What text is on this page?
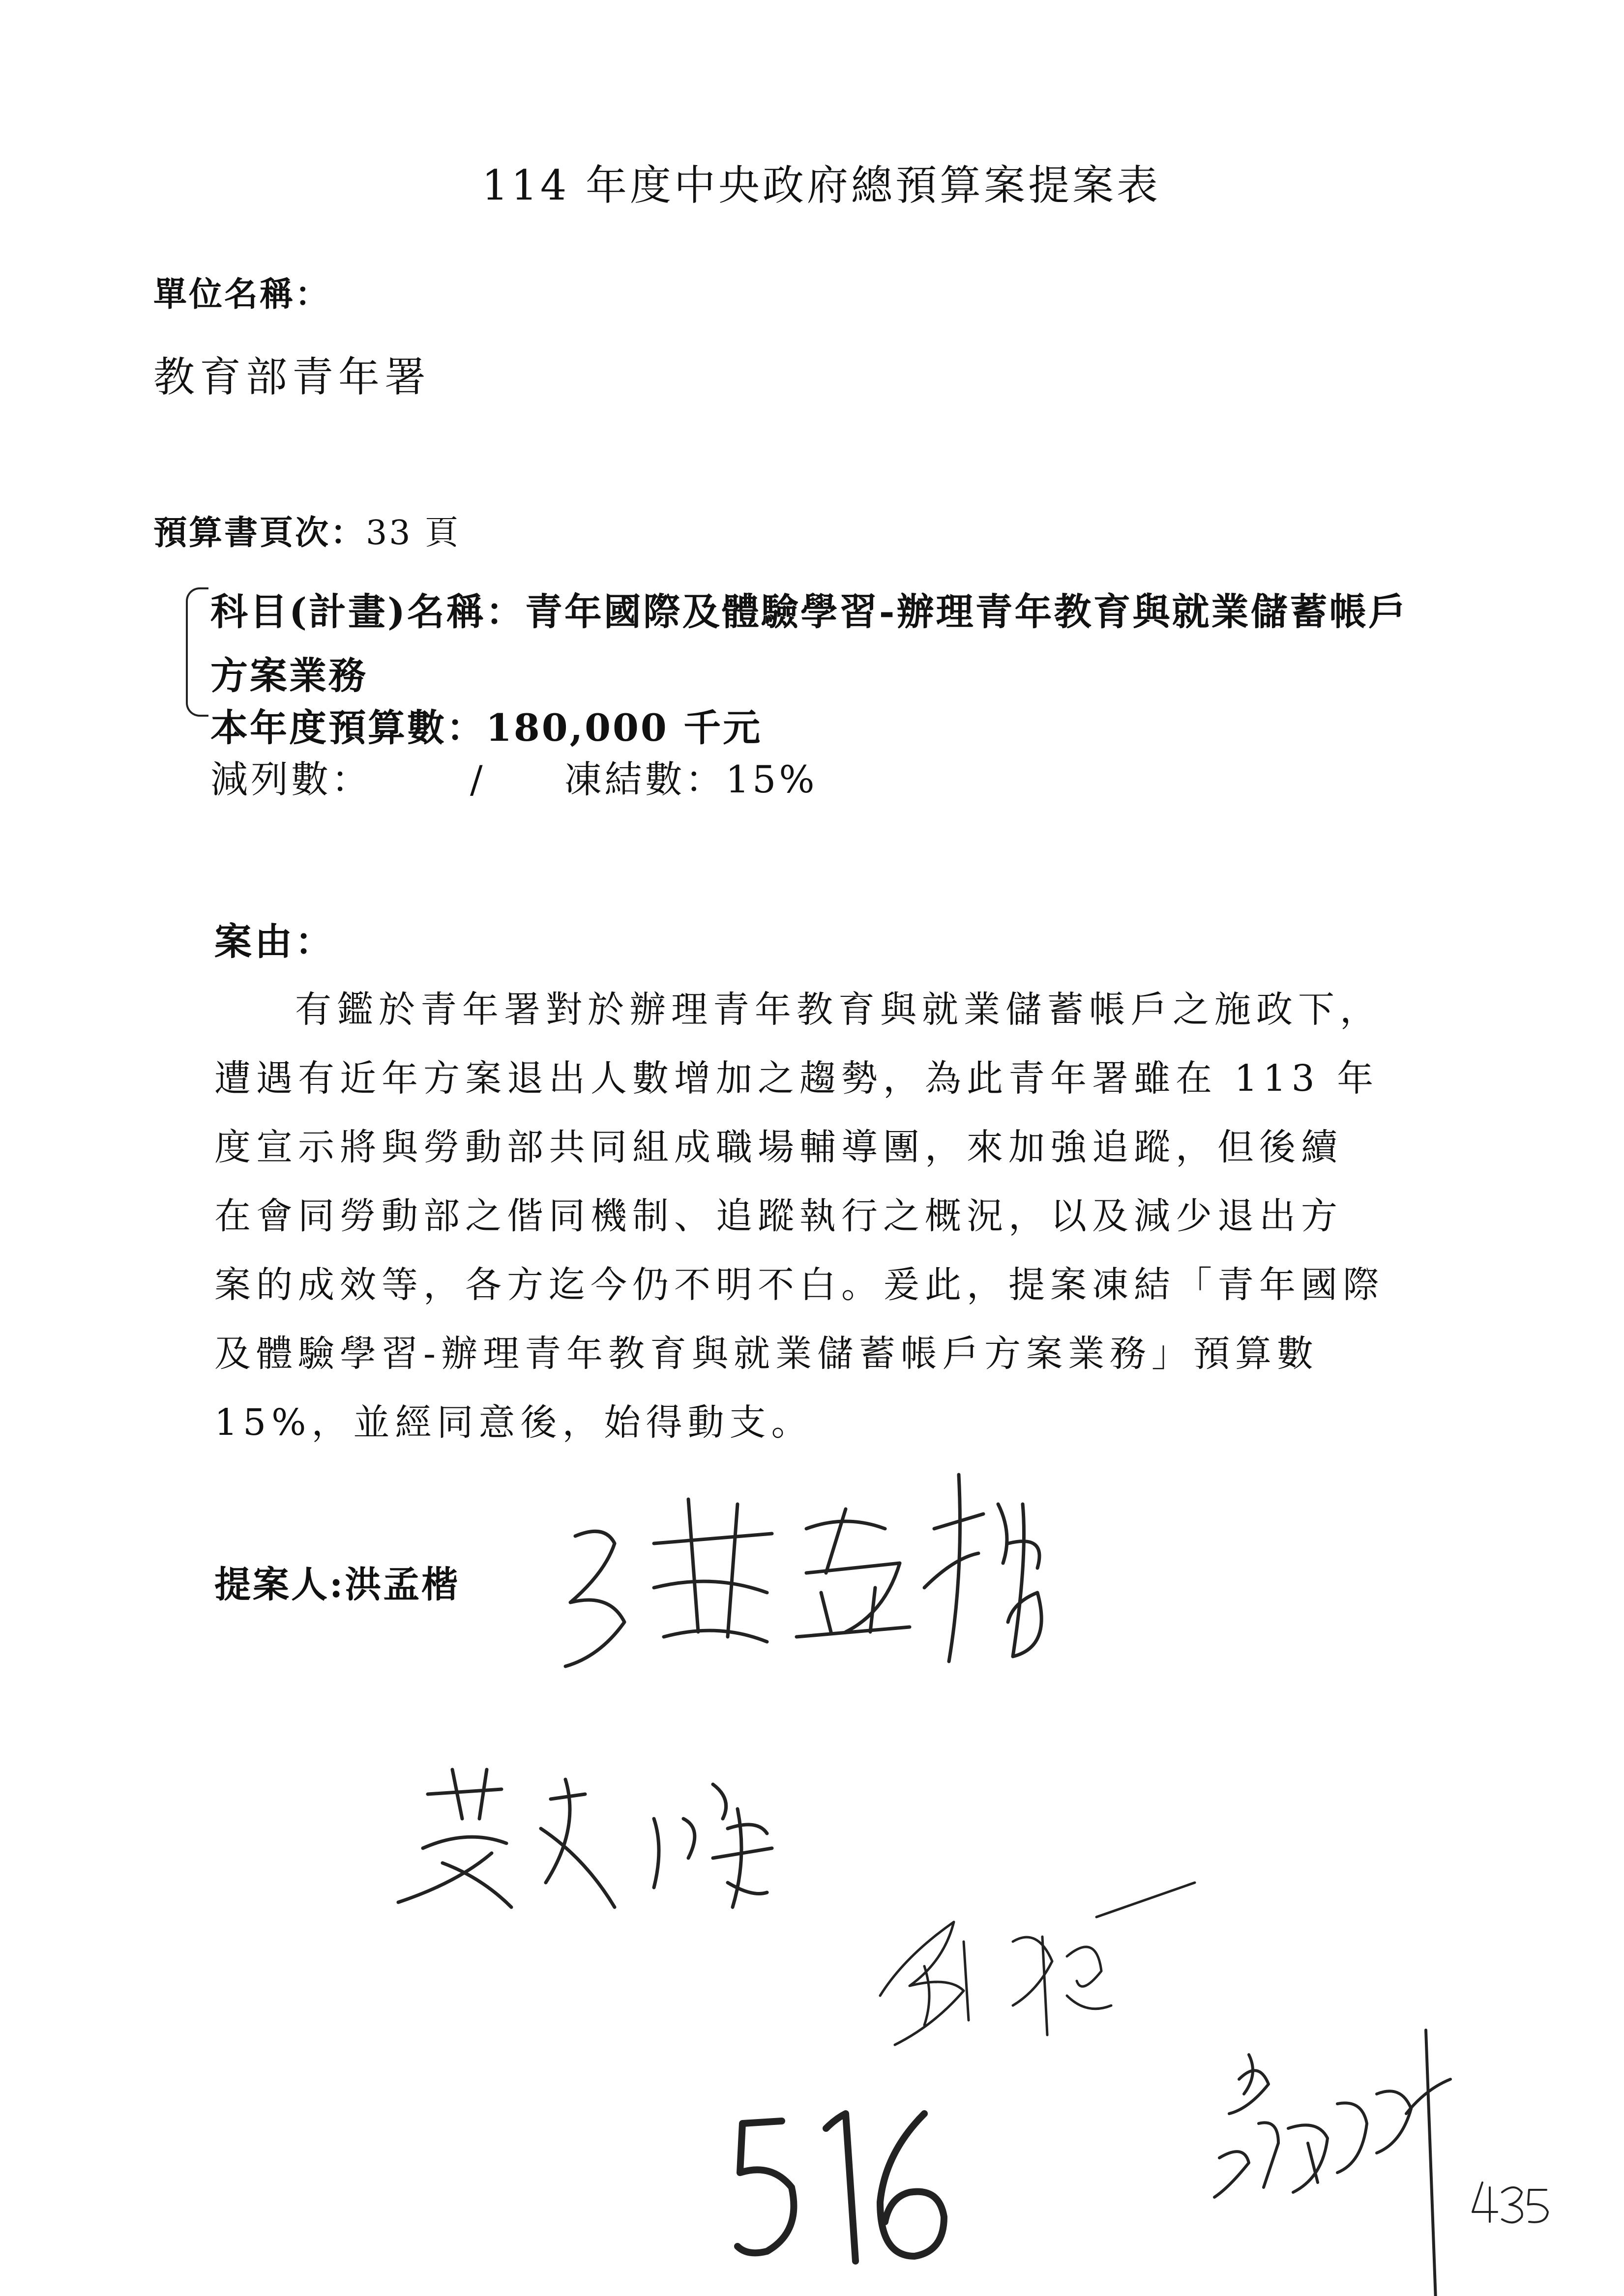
114 年度中央政府總預算案提案表
單位名稱：
教育部青年署
預算書頁次：33 頁
科目(計畫)名稱：青年國際及體驗學習-辦理青年教育與就業儲蓄帳戶
方案業務
本年度預算數：180,000 千元
減列數：	/ 凍結數：15%
案由：
有鑑於青年署對於辦理青年教育與就業儲蓄帳戶之施政下，
遭遇有近年方案退出人數增加之趨勢，為此青年署雖在 113 年
度宣示將與勞動部共同組成職場輔導團，來加強追蹤，但後續
在會同勞動部之偕同機制、追蹤執行之概況，以及減少退出方
案的成效等，各方迄今仍不明不白。爰此，提案凍結「青年國際
及體驗學習-辦理青年教育與就業儲蓄帳戶方案業務」預算數
15%，並經同意後，始得動支。
提案人:洪孟楷
